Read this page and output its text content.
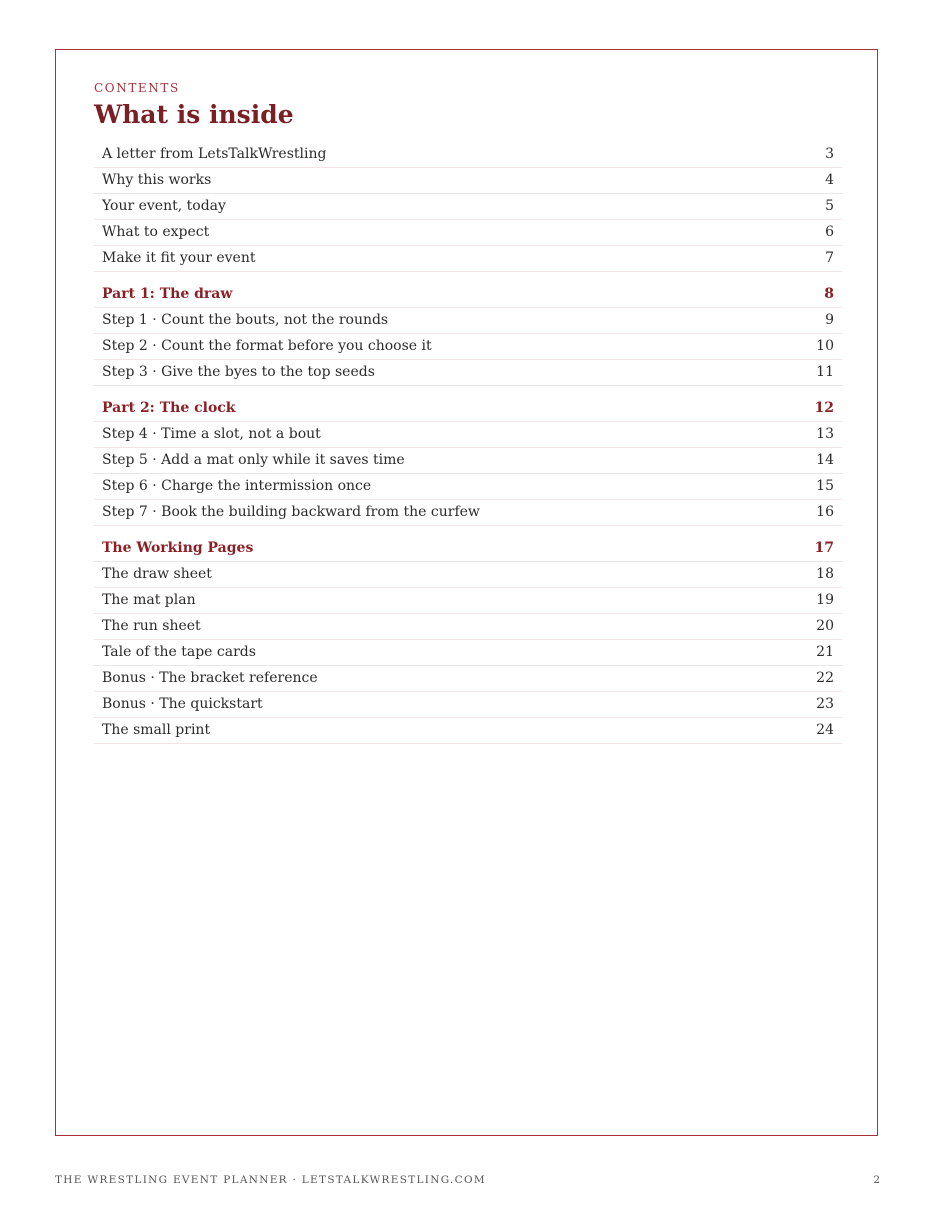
CONTENTS
What is inside
A letter from LetsTalkWrestling	3
Why this works	4
Your event, today	5
What to expect	6
Make it fit your event	7
Part 1: The draw	8
Step 1 · Count the bouts, not the rounds	9
Step 2 · Count the format before you choose it	10
Step 3 · Give the byes to the top seeds	11
Part 2: The clock	12
Step 4 · Time a slot, not a bout	13
Step 5 · Add a mat only while it saves time	14
Step 6 · Charge the intermission once	15
Step 7 · Book the building backward from the curfew	16
The Working Pages	17
The draw sheet	18
The mat plan	19
The run sheet	20
Tale of the tape cards	21
Bonus · The bracket reference	22
Bonus · The quickstart	23
The small print	24
THE WRESTLING EVENT PLANNER · LETSTALKWRESTLING.COM	2
